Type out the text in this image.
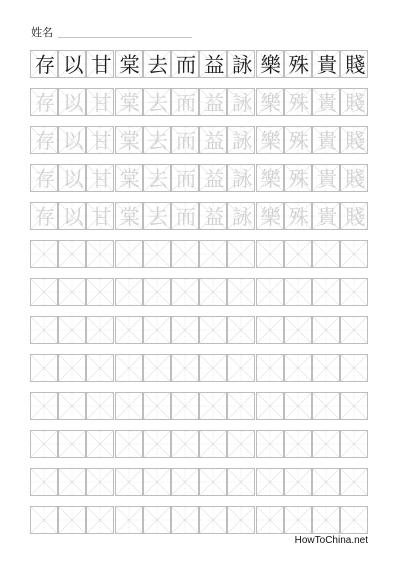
姓名
存 以 甘 棠 去 而 益 詠 樂 殊 貴 賤
存 以 甘 棠 去 而 益 詠 樂 殊 貴 賤
存 以 甘 棠 去 而 益 詠 樂 殊 貴 賤
存 以 甘 棠 去 而 益 詠 樂 殊 貴 賤
存 以 甘 棠 去 而 益 詠 樂 殊 貴 賤
HowToChina.net
